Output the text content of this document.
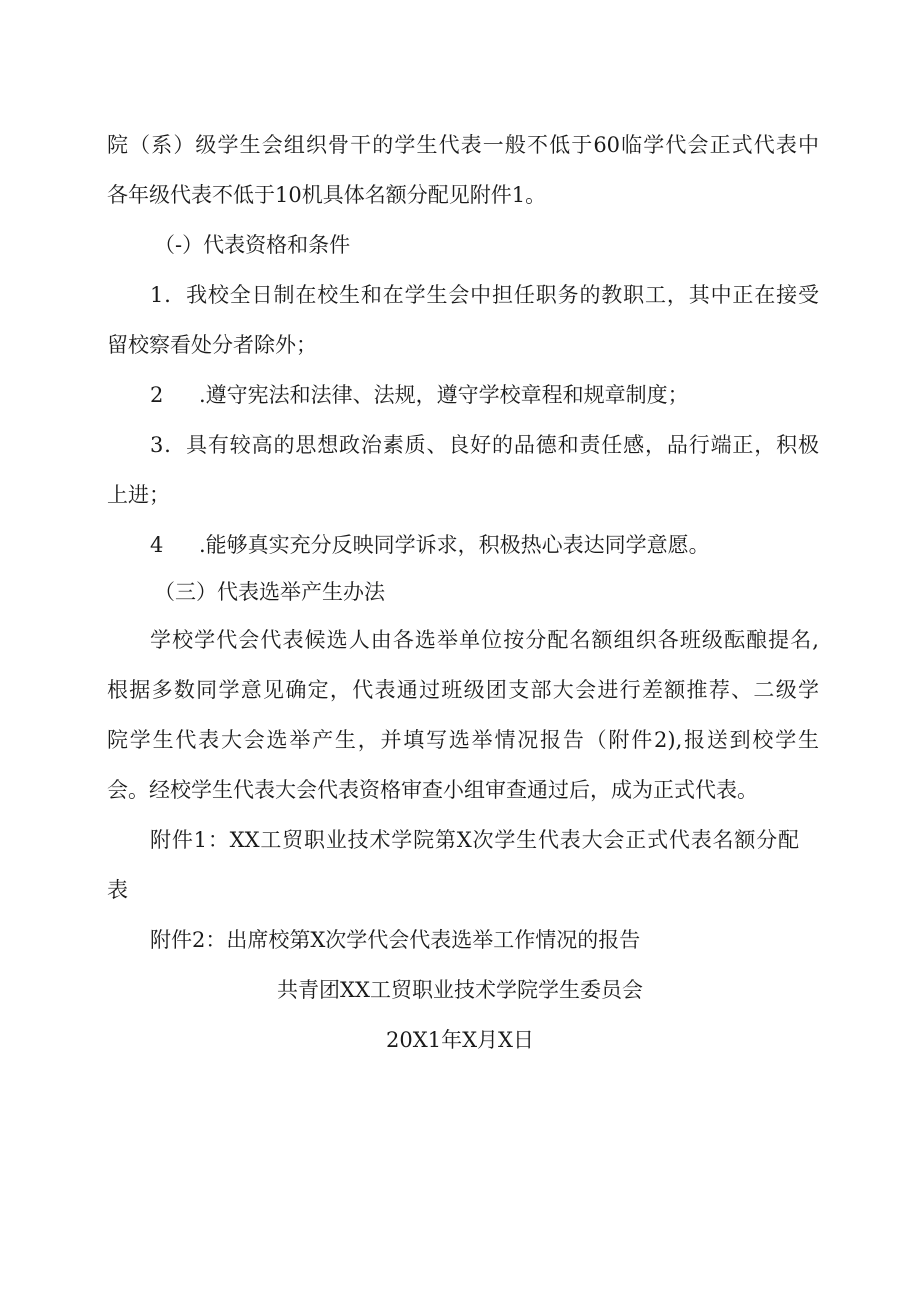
院（系）级学生会组织骨干的学生代表一般不低于60临学代会正式代表中
各年级代表不低于10机具体名额分配见附件1。
（-）代表资格和条件
1．我校全日制在校生和在学生会中担任职务的教职工，其中正在接受
留校察看处分者除外；
2 .遵守宪法和法律、法规，遵守学校章程和规章制度；
3．具有较高的思想政治素质、良好的品德和责任感，品行端正，积极
上进；
4 .能够真实充分反映同学诉求，积极热心表达同学意愿。
（三）代表选举产生办法
学校学代会代表候选人由各选举单位按分配名额组织各班级酝酿提名,
根据多数同学意见确定，代表通过班级团支部大会进行差额推荐、二级学
院学生代表大会选举产生，并填写选举情况报告（附件2),报送到校学生
会。经校学生代表大会代表资格审查小组审查通过后，成为正式代表。
附件1：XX工贸职业技术学院第X次学生代表大会正式代表名额分配
表
附件2：出席校第X次学代会代表选举工作情况的报告
共青团XX工贸职业技术学院学生委员会
20X1年X月X日
